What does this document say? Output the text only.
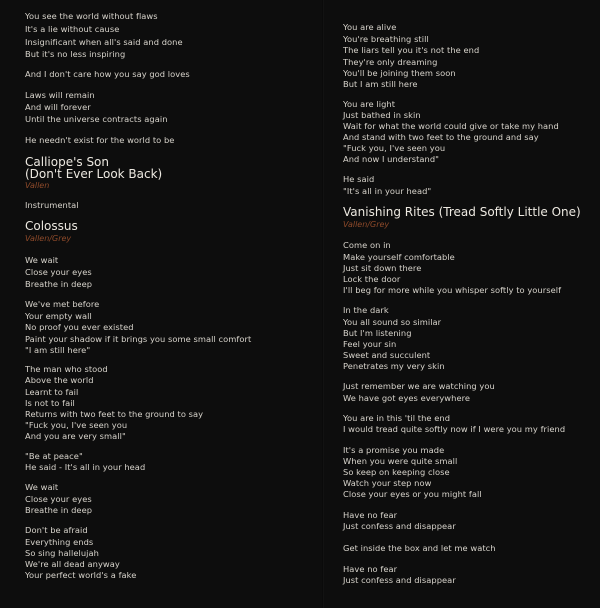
You see the world without flaws
It's a lie without cause
Insignificant when all's said and done
But it's no less inspiring
And I don't care how you say god loves
Laws will remain
And will forever
Until the universe contracts again
He needn't exist for the world to be
Calliope's Son
(Don't Ever Look Back)
Vallen
Instrumental
Colossus
Vallen/Grey
We wait
Close your eyes
Breathe in deep
We've met before
Your empty wall
No proof you ever existed
Paint your shadow if it brings you some small comfort
"I am still here"
The man who stood
Above the world
Learnt to fail
Is not to fail
Returns with two feet to the ground to say
"Fuck you, I've seen you
And you are very small"
"Be at peace"
He said - It's all in your head
We wait
Close your eyes
Breathe in deep
Don't be afraid
Everything ends
So sing hallelujah
We're all dead anyway
Your perfect world's a fake
You are alive
You're breathing still
The liars tell you it's not the end
They're only dreaming
You'll be joining them soon
But I am still here
You are light
Just bathed in skin
Wait for what the world could give or take my hand
And stand with two feet to the ground and say
"Fuck you, I've seen you
And now I understand"
He said
"It's all in your head"
Vanishing Rites (Tread Softly Little One)
Vallen/Grey
Come on in
Make yourself comfortable
Just sit down there
Lock the door
I'll beg for more while you whisper softly to yourself
In the dark
You all sound so similar
But I'm listening
Feel your sin
Sweet and succulent
Penetrates my very skin
Just remember we are watching you
We have got eyes everywhere
You are in this 'til the end
I would tread quite softly now if I were you my friend
It's a promise you made
When you were quite small
So keep on keeping close
Watch your step now
Close your eyes or you might fall
Have no fear
Just confess and disappear
Get inside the box and let me watch
Have no fear
Just confess and disappear
